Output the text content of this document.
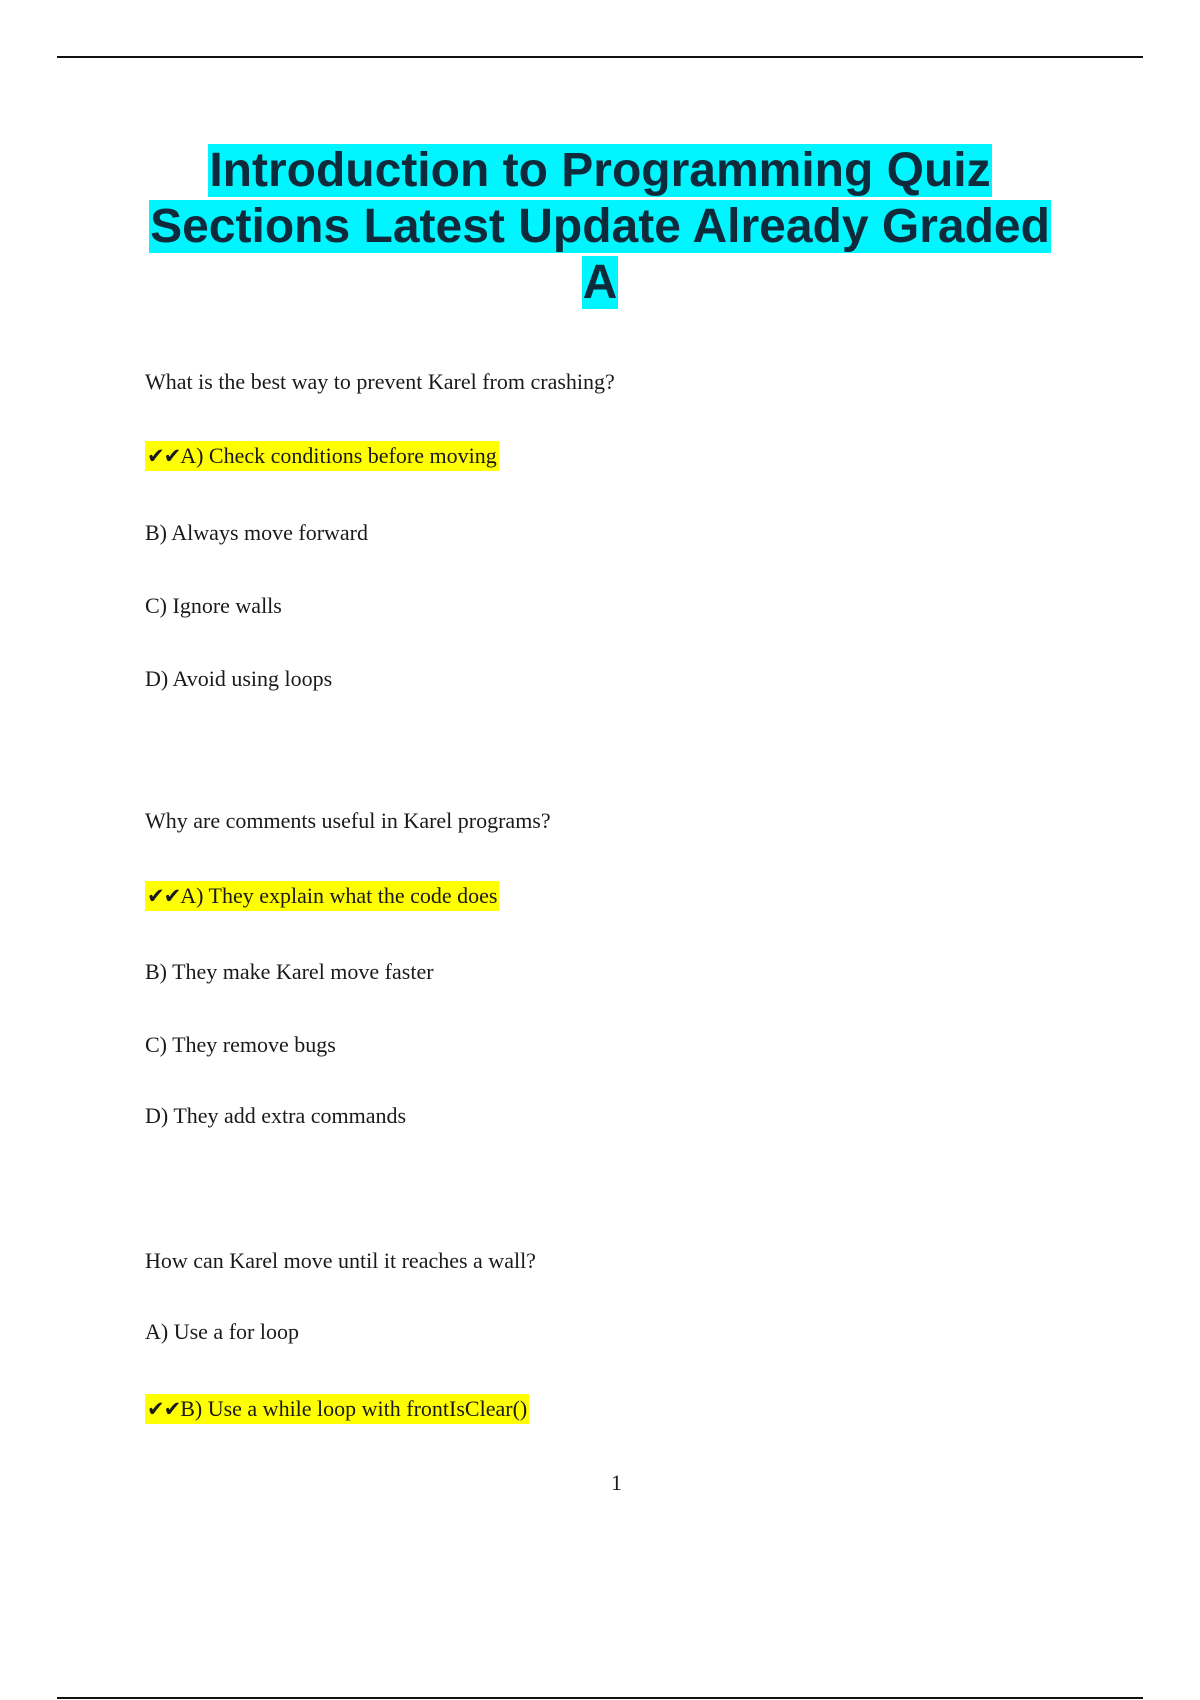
Introduction to Programming Quiz
Sections Latest Update Already Graded
A
What is the best way to prevent Karel from crashing?
✔✔A) Check conditions before moving
B) Always move forward
C) Ignore walls
D) Avoid using loops
Why are comments useful in Karel programs?
✔✔A) They explain what the code does
B) They make Karel move faster
C) They remove bugs
D) They add extra commands
How can Karel move until it reaches a wall?
A) Use a for loop
✔✔B) Use a while loop with frontIsClear()
1
